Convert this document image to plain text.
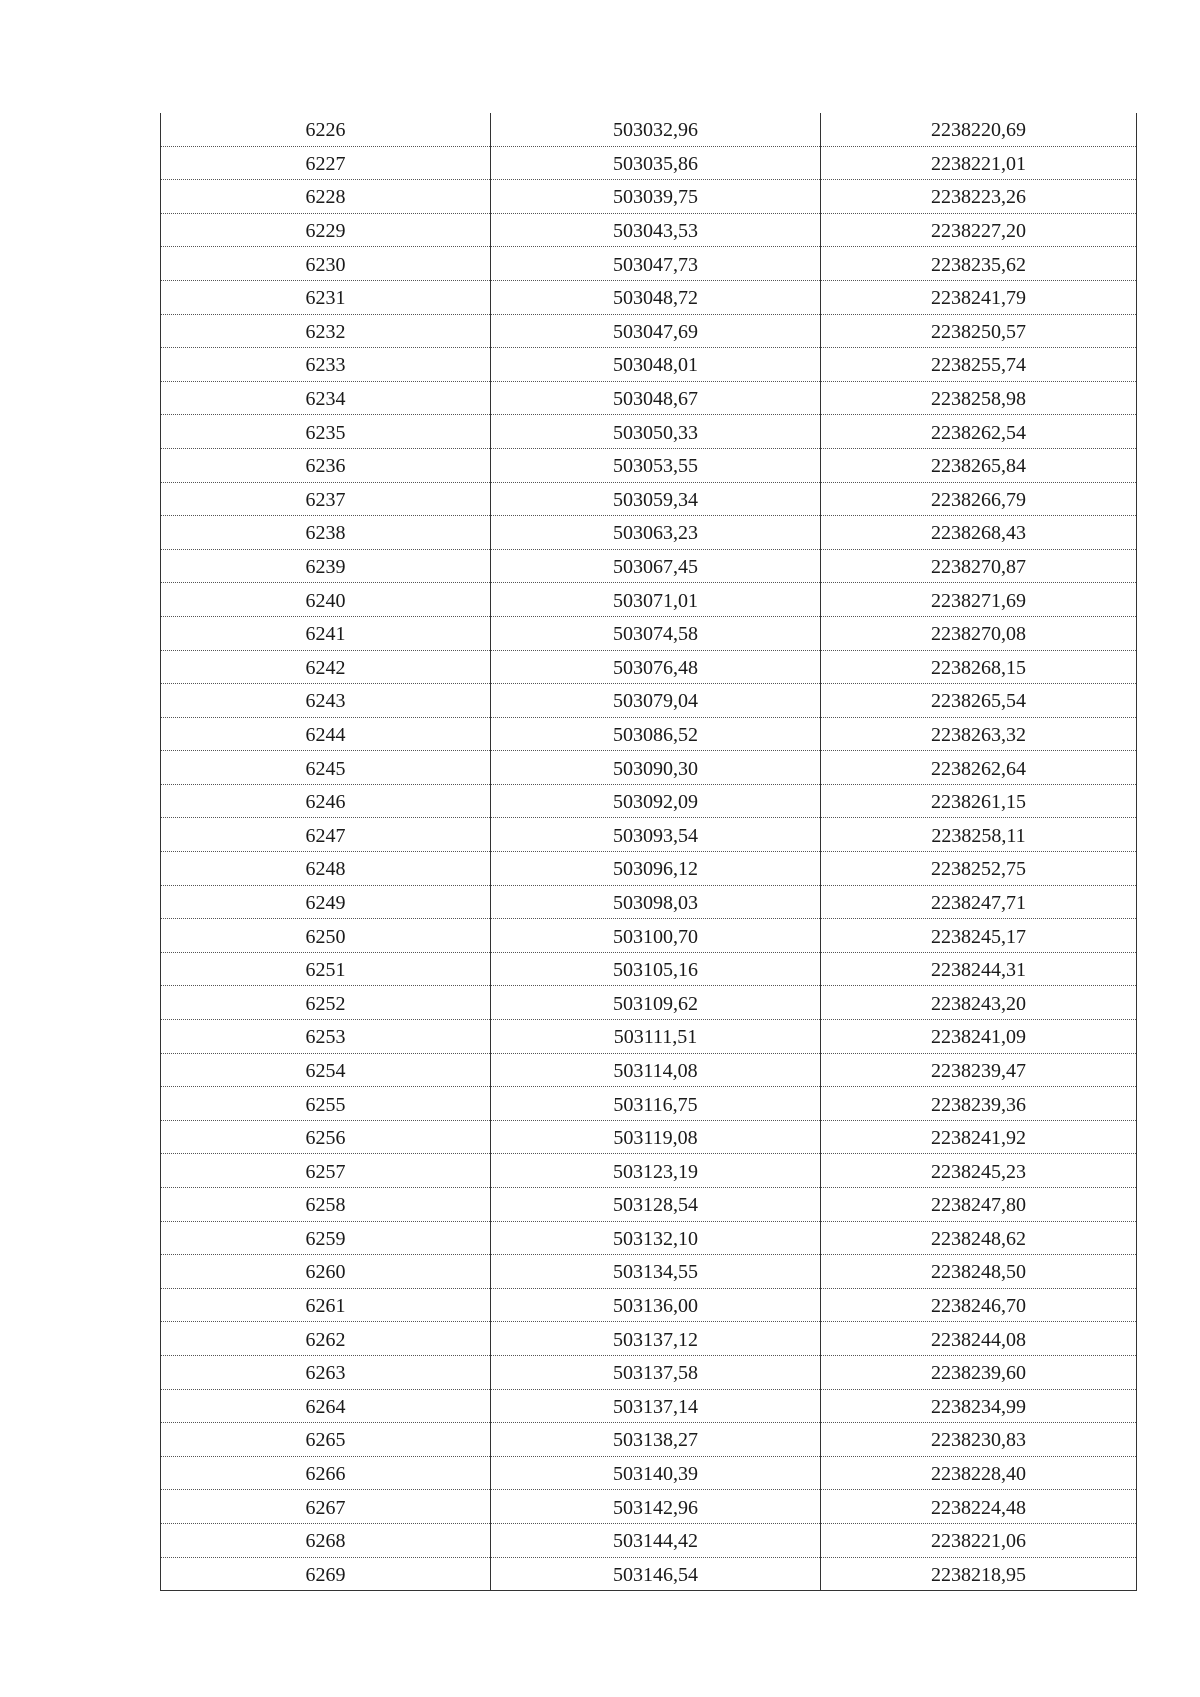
6226	503032,96	2238220,69
6227	503035,86	2238221,01
6228	503039,75	2238223,26
6229	503043,53	2238227,20
6230	503047,73	2238235,62
6231	503048,72	2238241,79
6232	503047,69	2238250,57
6233	503048,01	2238255,74
6234	503048,67	2238258,98
6235	503050,33	2238262,54
6236	503053,55	2238265,84
6237	503059,34	2238266,79
6238	503063,23	2238268,43
6239	503067,45	2238270,87
6240	503071,01	2238271,69
6241	503074,58	2238270,08
6242	503076,48	2238268,15
6243	503079,04	2238265,54
6244	503086,52	2238263,32
6245	503090,30	2238262,64
6246	503092,09	2238261,15
6247	503093,54	2238258,11
6248	503096,12	2238252,75
6249	503098,03	2238247,71
6250	503100,70	2238245,17
6251	503105,16	2238244,31
6252	503109,62	2238243,20
6253	503111,51	2238241,09
6254	503114,08	2238239,47
6255	503116,75	2238239,36
6256	503119,08	2238241,92
6257	503123,19	2238245,23
6258	503128,54	2238247,80
6259	503132,10	2238248,62
6260	503134,55	2238248,50
6261	503136,00	2238246,70
6262	503137,12	2238244,08
6263	503137,58	2238239,60
6264	503137,14	2238234,99
6265	503138,27	2238230,83
6266	503140,39	2238228,40
6267	503142,96	2238224,48
6268	503144,42	2238221,06
6269	503146,54	2238218,95
